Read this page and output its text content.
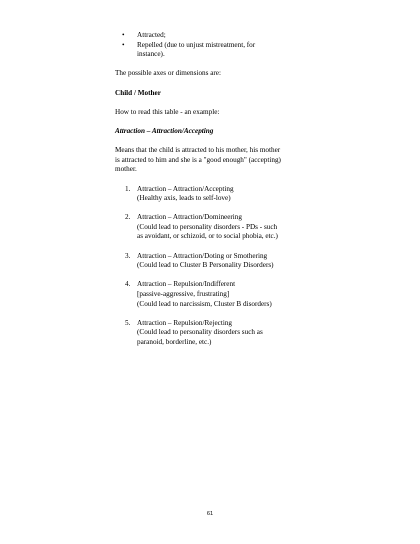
• Attracted;
• Repelled (due to unjust mistreatment, for
instance).

The possible axes or dimensions are:

Child / Mother

How to read this table - an example:

Attraction – Attraction/Accepting

Means that the child is attracted to his mother, his mother
is attracted to him and she is a "good enough" (accepting)
mother.

1. Attraction – Attraction/Accepting
(Healthy axis, leads to self-love)
2. Attraction – Attraction/Domineering
(Could lead to personality disorders - PDs - such
as avoidant, or schizoid, or to social phobia, etc.)
3. Attraction – Attraction/Doting or Smothering
(Could lead to Cluster B Personality Disorders)
4. Attraction – Repulsion/Indifferent
[passive-aggressive, frustrating]
(Could lead to narcissism, Cluster B disorders)
5. Attraction – Repulsion/Rejecting
(Could lead to personality disorders such as
paranoid, borderline, etc.)
61
